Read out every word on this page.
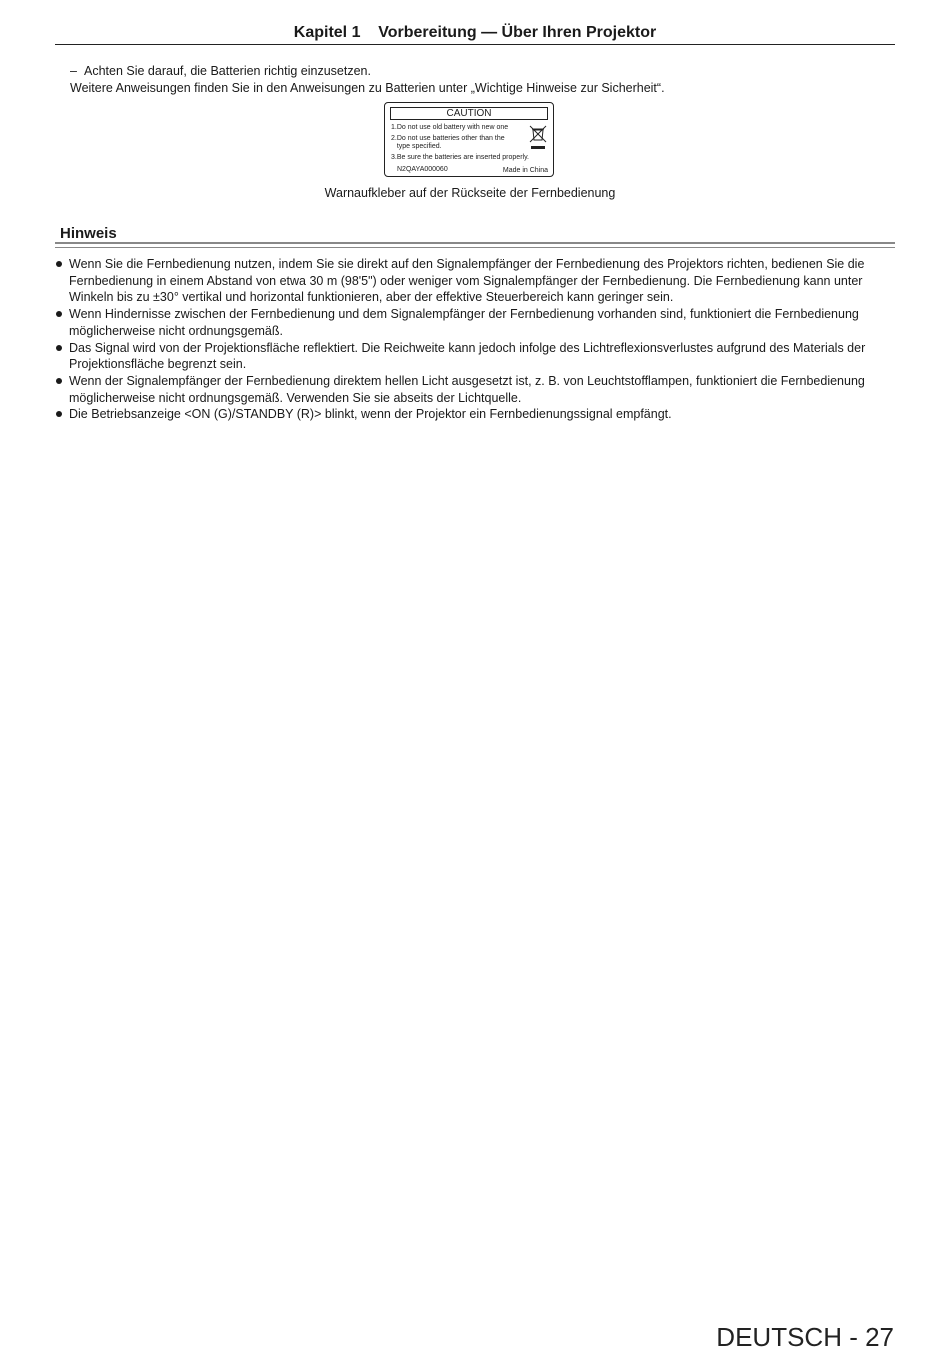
Kapitel 1    Vorbereitung — Über Ihren Projektor
– Achten Sie darauf, die Batterien richtig einzusetzen.
Weitere Anweisungen finden Sie in den Anweisungen zu Batterien unter „Wichtige Hinweise zur Sicherheit“.
CAUTION
1.Do not use old battery with new one
2.Do not use batteries other than the
type specified.
3.Be sure the batteries are inserted properly.
N2QAYA000060	Made in China
Warnaufkleber auf der Rückseite der Fernbedienung
Hinweis
Wenn Sie die Fernbedienung nutzen, indem Sie sie direkt auf den Signalempfänger der Fernbedienung des Projektors richten, bedienen Sie die Fernbedienung in einem Abstand von etwa 30 m (98'5") oder weniger vom Signalempfänger der Fernbedienung. Die Fernbedienung kann unter Winkeln bis zu ±30° vertikal und horizontal funktionieren, aber der effektive Steuerbereich kann geringer sein.
Wenn Hindernisse zwischen der Fernbedienung und dem Signalempfänger der Fernbedienung vorhanden sind, funktioniert die Fernbedienung möglicherweise nicht ordnungsgemäß.
Das Signal wird von der Projektionsfläche reflektiert. Die Reichweite kann jedoch infolge des Lichtreflexionsverlustes aufgrund des Materials der Projektionsfläche begrenzt sein.
Wenn der Signalempfänger der Fernbedienung direktem hellen Licht ausgesetzt ist, z. B. von Leuchtstofflampen, funktioniert die Fernbedienung möglicherweise nicht ordnungsgemäß. Verwenden Sie sie abseits der Lichtquelle.
Die Betriebsanzeige <ON (G)/STANDBY (R)> blinkt, wenn der Projektor ein Fernbedienungssignal empfängt.
DEUTSCH - 27
